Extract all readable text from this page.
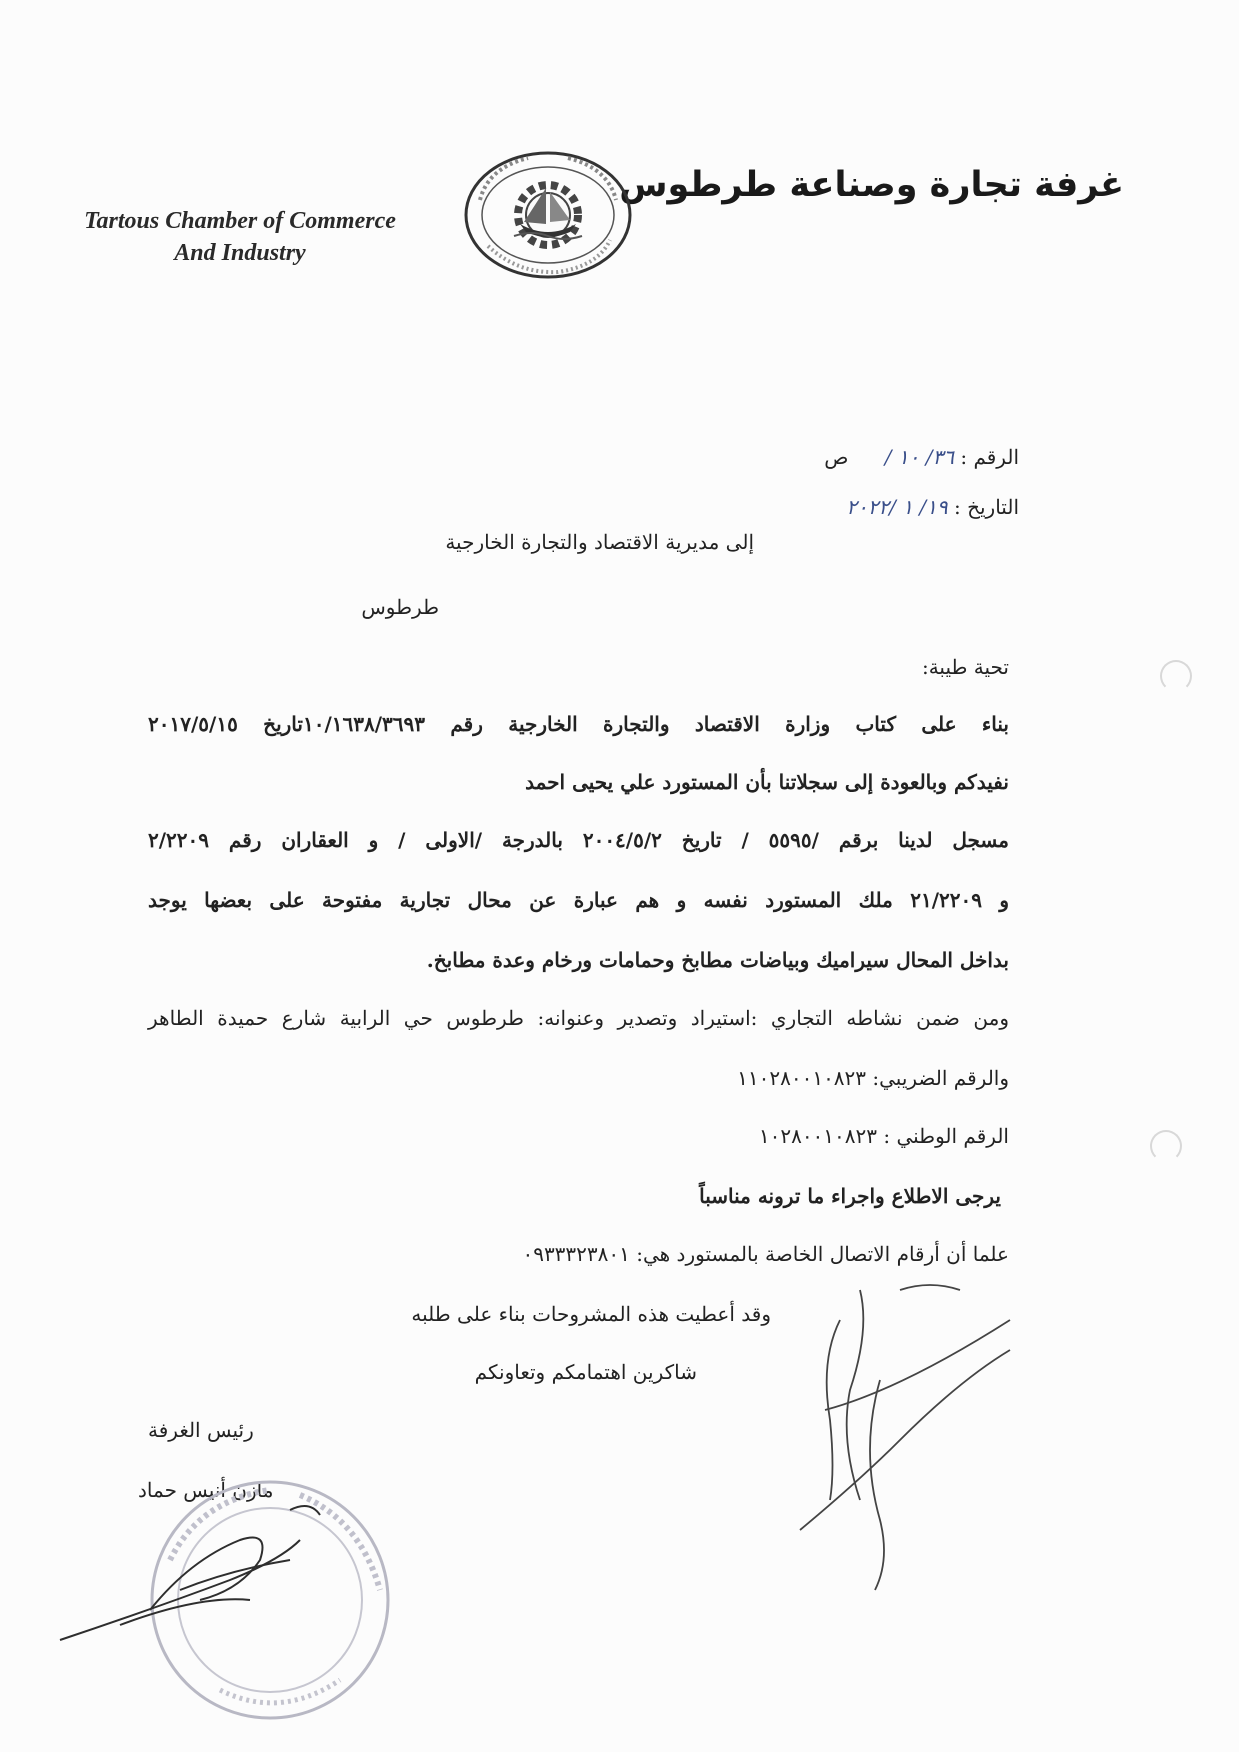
غرفة تجارة وصناعة طرطوس
Tartous Chamber of Commerce
And Industry
الرقم : ٣٦/ ١٠ / ص
التاريخ : ١٩/ ١ /٢٠٢٢
إلى مديرية الاقتصاد والتجارة الخارجية
طرطوس
تحية طيبة:
بناء على كتاب وزارة الاقتصاد والتجارة الخارجية رقم ١٠/١٦٣٨/٣٦٩٣تاريخ ٢٠١٧/٥/١٥
نفيدكم وبالعودة إلى سجلاتنا بأن المستورد علي يحيى احمد
مسجل لدينا برقم /٥٥٩٥ / تاريخ ٢٠٠٤/٥/٢ بالدرجة /الاولى / و العقاران رقم ٢/٢٢٠٩
و ٢١/٢٢٠٩ ملك المستورد نفسه و هم عبارة عن محال تجارية مفتوحة على بعضها يوجد
بداخل المحال سيراميك وبياضات مطابخ وحمامات ورخام وعدة مطابخ.
ومن ضمن نشاطه التجاري :استيراد وتصدير وعنوانه: طرطوس حي الرابية شارع حميدة الطاهر
والرقم الضريبي: ١١٠٢٨٠٠١٠٨٢٣
الرقم الوطني : ١٠٢٨٠٠١٠٨٢٣
يرجى الاطلاع واجراء ما ترونه مناسباً
علما أن أرقام الاتصال الخاصة بالمستورد هي: ٠٩٣٣٣٢٣٨٠١
وقد أعطيت هذه المشروحات بناء على طلبه
شاكرين اهتمامكم وتعاونكم
رئيس الغرفة
مازن أنيس حماد
